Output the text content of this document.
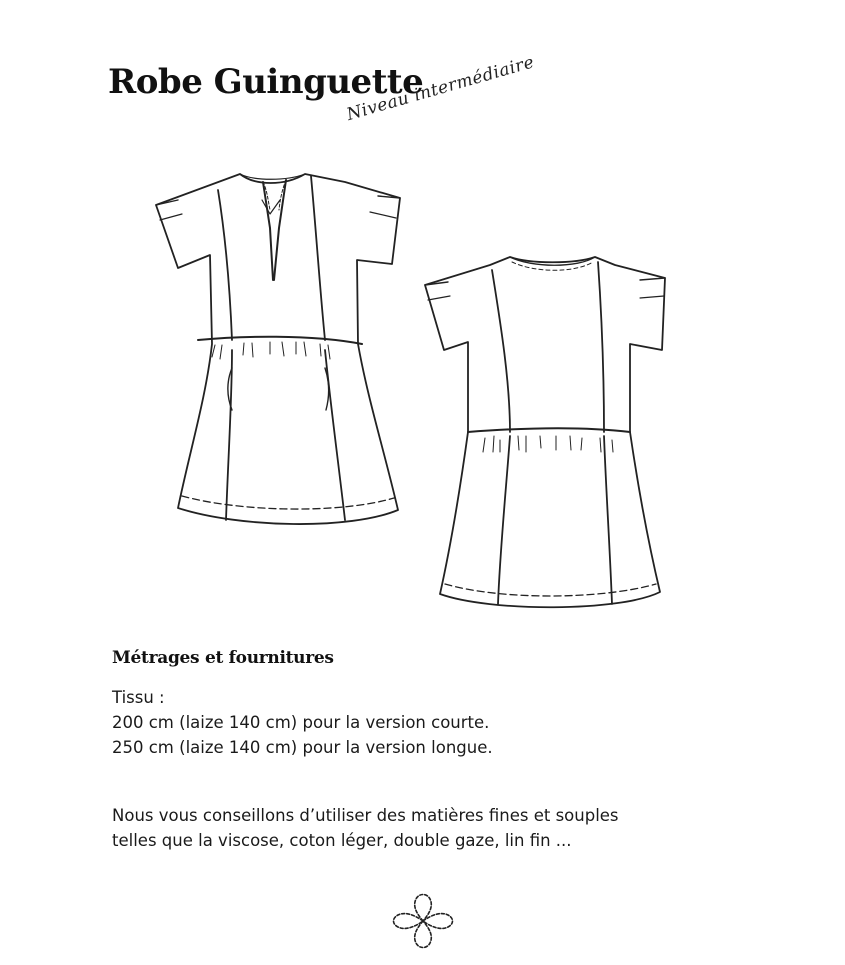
Robe Guinguette
Niveau intermédiaire
Métrages et fournitures
Tissu :
200 cm (laize 140 cm) pour la version courte.
250 cm (laize 140 cm) pour la version longue.
Nous vous conseillons d’utiliser des matières fines et souples
telles que la viscose, coton léger, double gaze, lin fin ...
